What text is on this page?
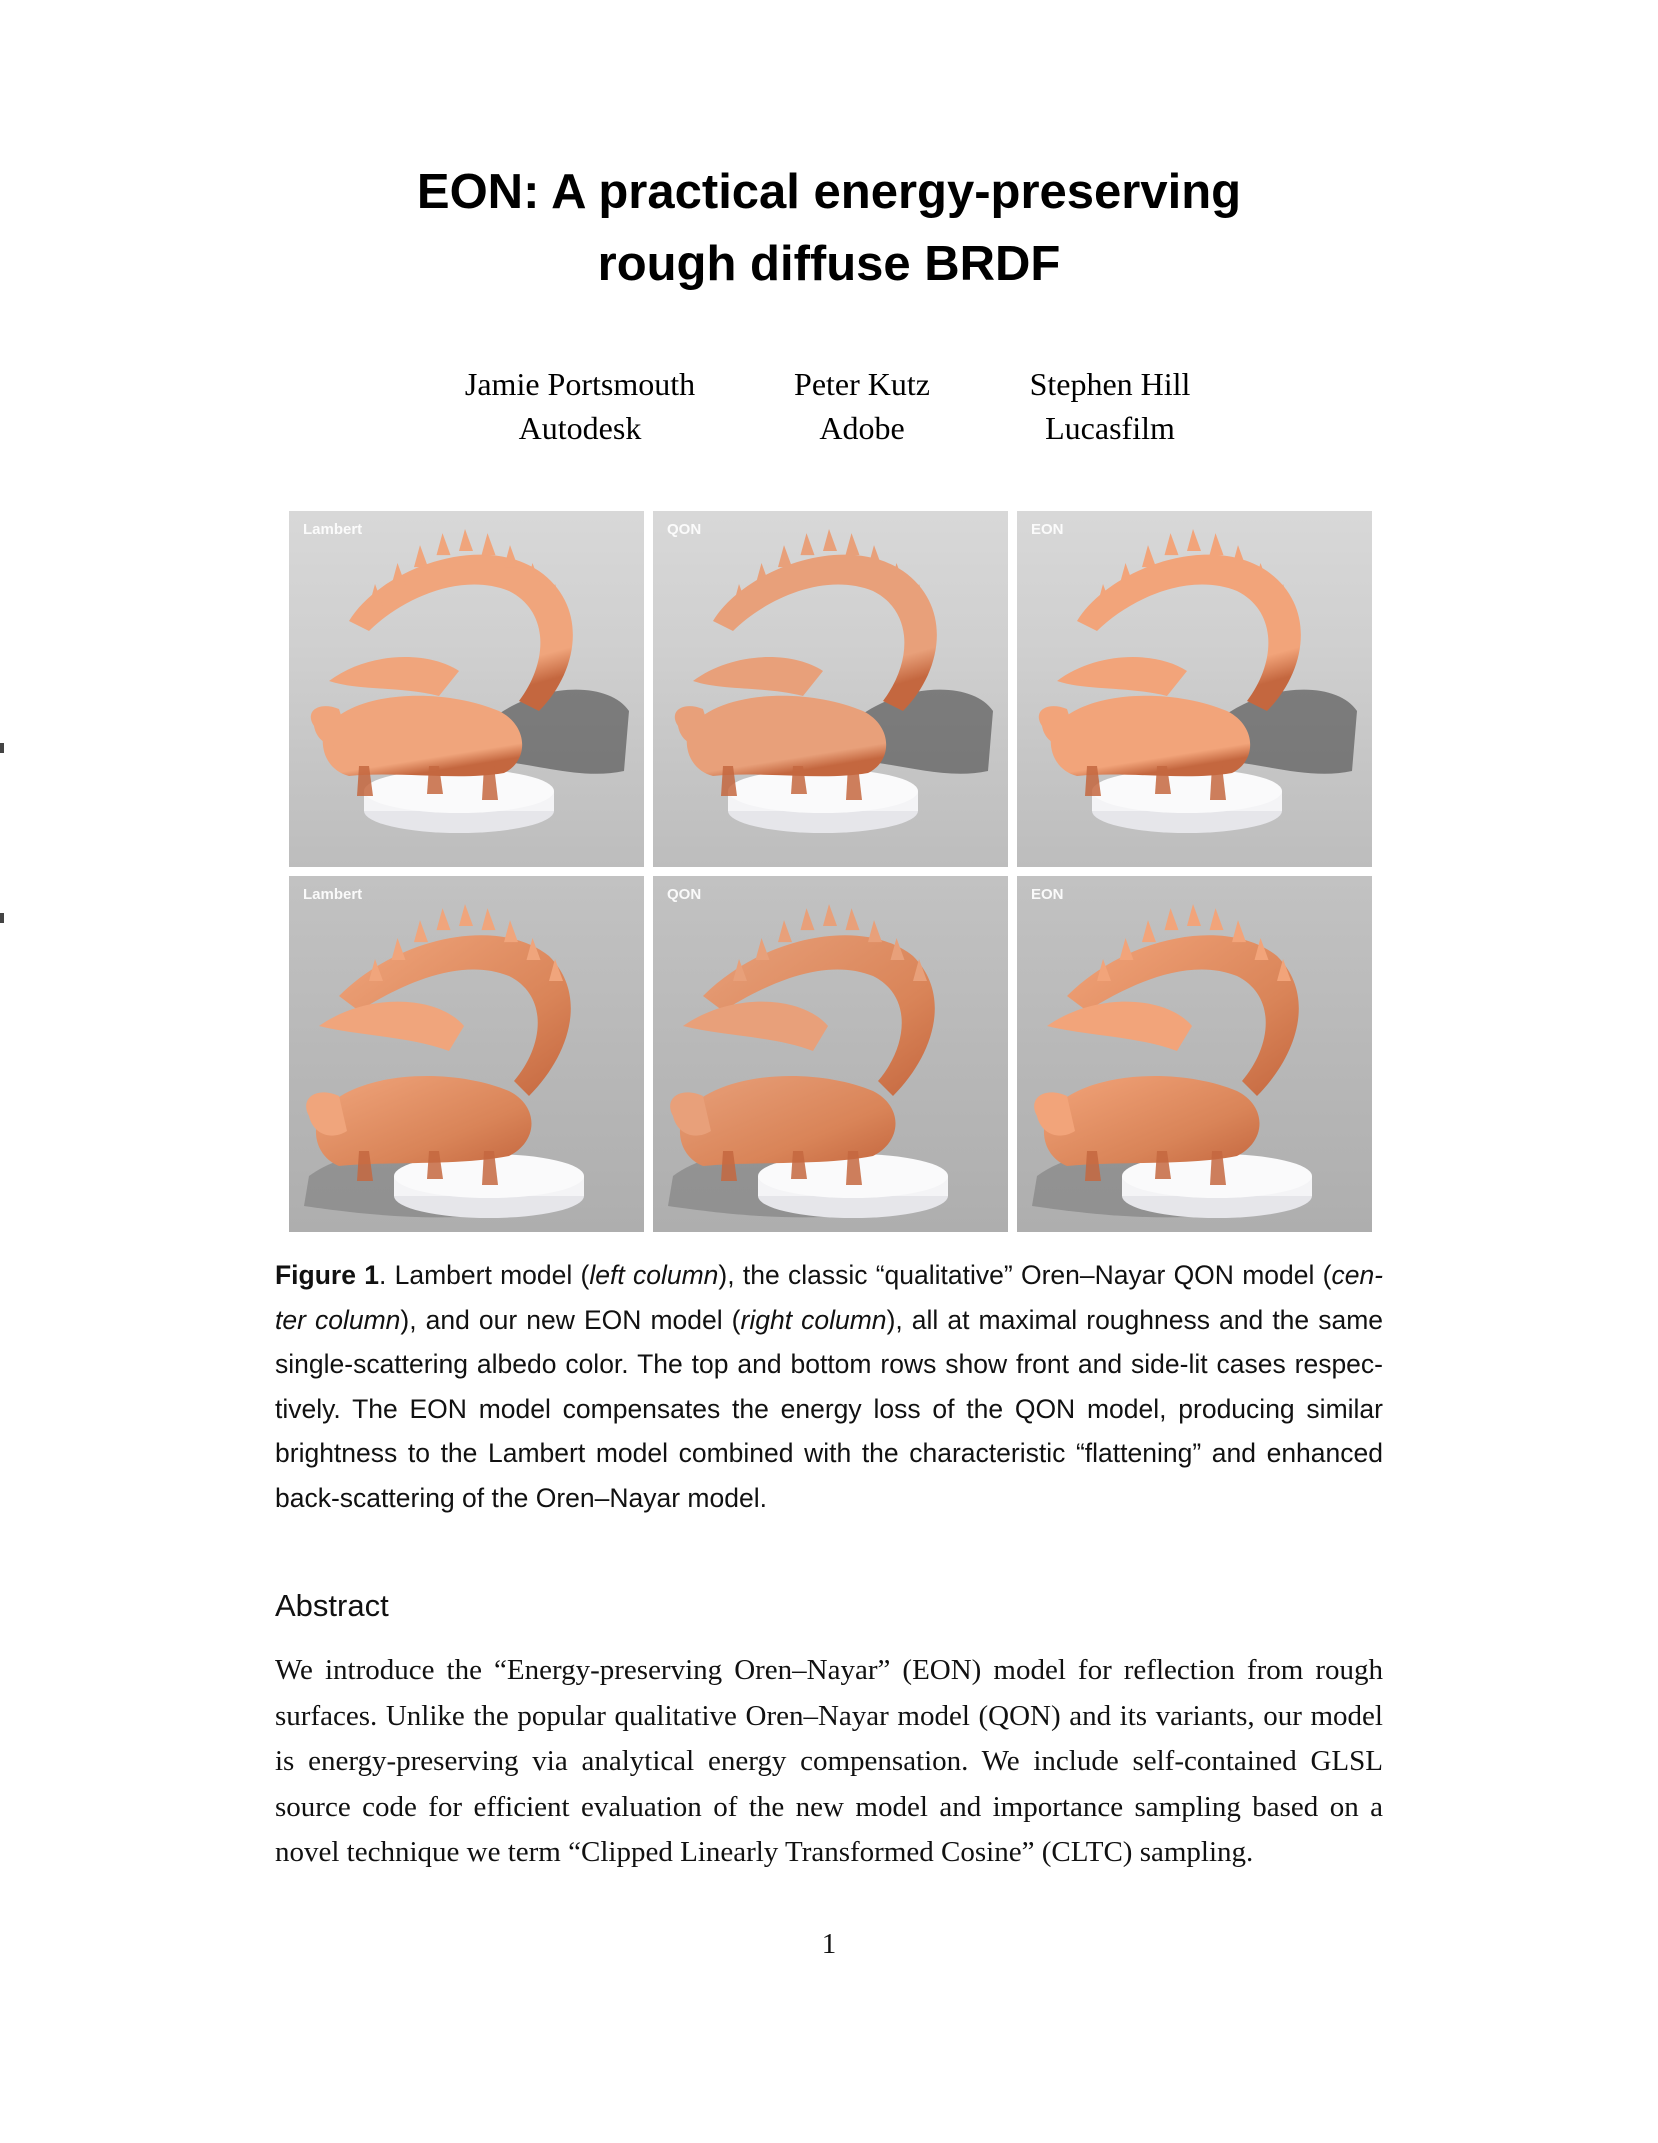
EON: A practical energy-preserving
rough diffuse BRDF
Jamie Portsmouth
Autodesk
Peter Kutz
Adobe
Stephen Hill
Lucasfilm
Lambert	QON	EON
Lambert	QON	EON
Figure 1. Lambert model (left column), the classic “qualitative” Oren–Nayar QON model (cen-
ter column), and our new EON model (right column), all at maximal roughness and the same
single-scattering albedo color. The top and bottom rows show front and side-lit cases respec-
tively. The EON model compensates the energy loss of the QON model, producing similar
brightness to the Lambert model combined with the characteristic “flattening” and enhanced
back-scattering of the Oren–Nayar model.
Abstract
We introduce the “Energy-preserving Oren–Nayar” (EON) model for reflection from rough
surfaces. Unlike the popular qualitative Oren–Nayar model (QON) and its variants, our model
is energy-preserving via analytical energy compensation. We include self-contained GLSL
source code for efficient evaluation of the new model and importance sampling based on a
novel technique we term “Clipped Linearly Transformed Cosine” (CLTC) sampling.
1
